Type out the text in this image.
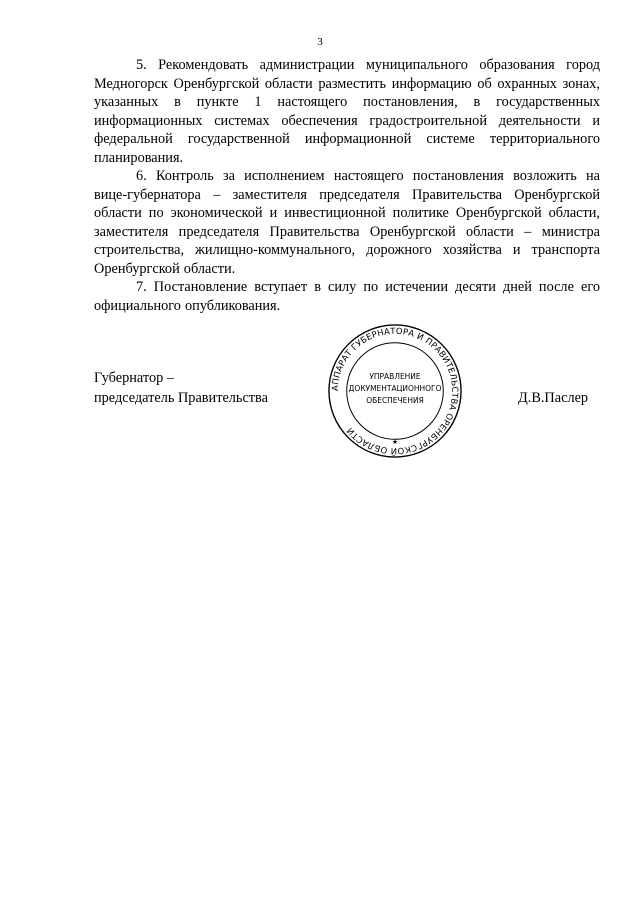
3

5. Рекомендовать администрации муниципального образования город Медногорск Оренбургской области разместить информацию об охранных зонах, указанных в пункте 1 настоящего постановления, в государственных информационных системах обеспечения градостроительной деятельности и федеральной государственной информационной системе территориального планирования.

6. Контроль за исполнением настоящего постановления возложить на вице-губернатора – заместителя председателя Правительства Оренбургской области по экономической и инвестиционной политике Оренбургской области, заместителя председателя Правительства Оренбургской области – министра строительства, жилищно-коммунального, дорожного хозяйства и транспорта Оренбургской области.

7. Постановление вступает в силу по истечении десяти дней после его официального опубликования.

Губернатор –
председатель Правительства	Д.В.Паслер
АППАРАТ ГУБЕРНАТОРА И ПРАВИТЕЛЬСТВА ОРЕНБУРГСКОЙ ОБЛАСТИ
★
УПРАВЛЕНИЕ
ДОКУМЕНТАЦИОННОГО
ОБЕСПЕЧЕНИЯ
